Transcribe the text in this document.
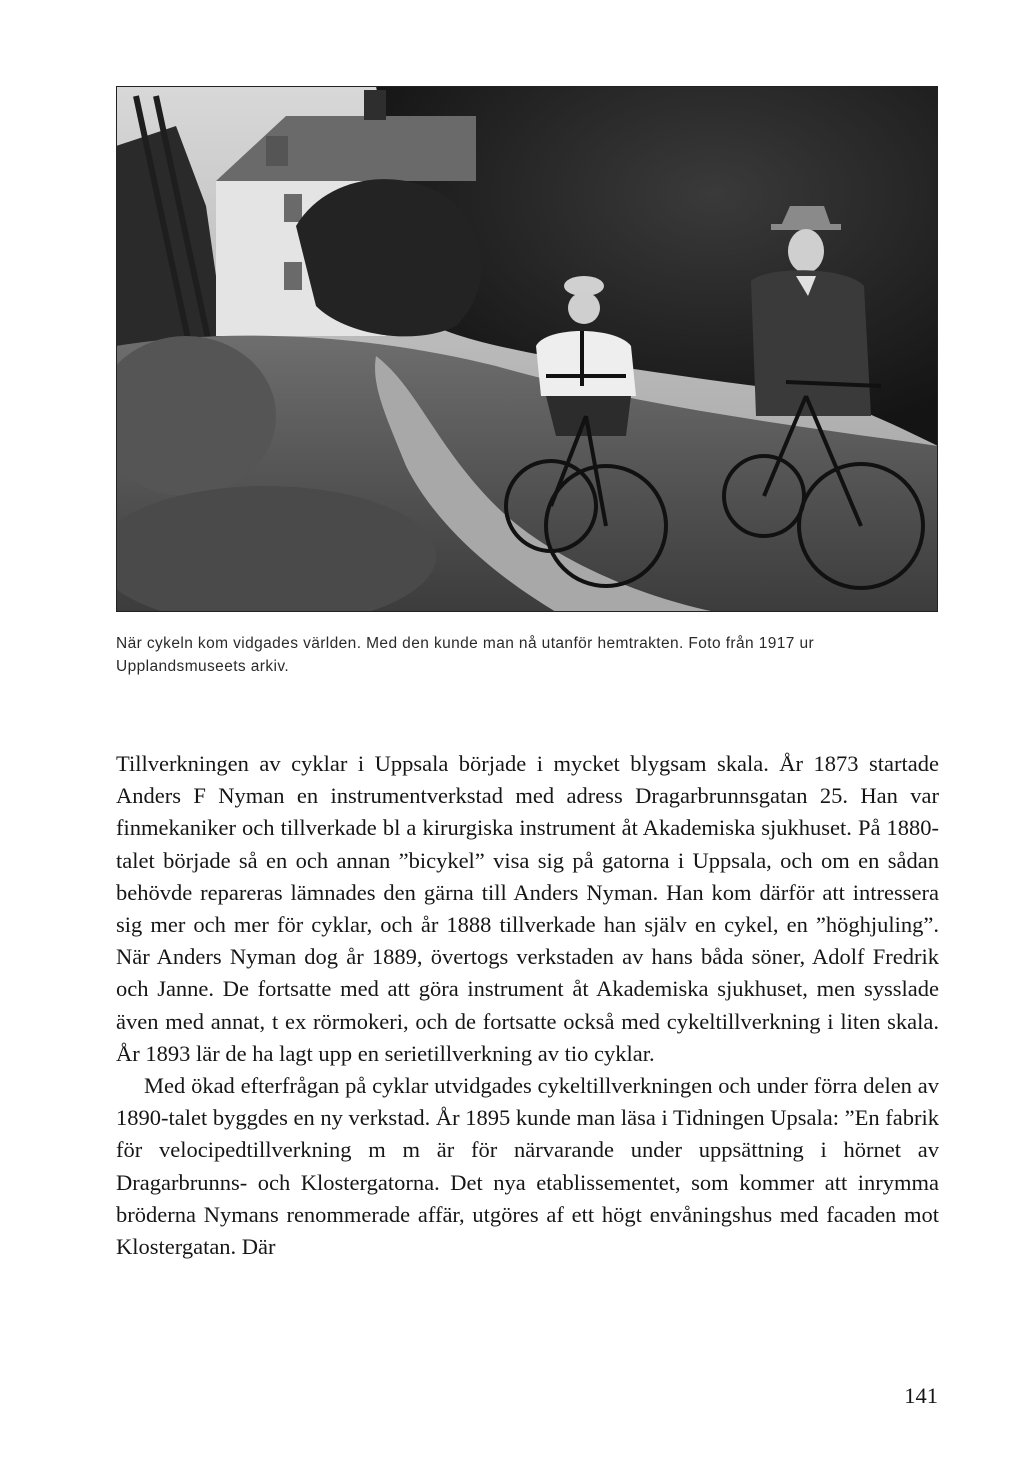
När cykeln kom vidgades världen. Med den kunde man nå utanför hemtrakten. Foto från 1917 ur Upplandsmuseets arkiv.

Tillverkningen av cyklar i Uppsala började i mycket blygsam skala. År 1873 startade Anders F Nyman en instrumentverkstad med adress Dragarbrunnsgatan 25. Han var finmekaniker och tillverkade bl a kirurgiska instrument åt Akademiska sjukhuset. På 1880-talet började så en och annan ”bicykel” visa sig på gatorna i Uppsala, och om en sådan behövde repareras lämnades den gärna till Anders Nyman. Han kom därför att intressera sig mer och mer för cyklar, och år 1888 tillverkade han själv en cykel, en ”höghjuling”. När Anders Nyman dog år 1889, övertogs verkstaden av hans båda söner, Adolf Fredrik och Janne. De fortsatte med att göra instrument åt Akademiska sjukhuset, men sysslade även med annat, t ex rörmokeri, och de fortsatte också med cykeltillverkning i liten skala. År 1893 lär de ha lagt upp en serietillverkning av tio cyklar.

Med ökad efterfrågan på cyklar utvidgades cykeltillverkningen och under förra delen av 1890-talet byggdes en ny verkstad. År 1895 kunde man läsa i Tidningen Upsala: ”En fabrik för velocipedtillverkning m m är för närvarande under uppsättning i hörnet av Dragarbrunns- och Klostergatorna. Det nya etablissementet, som kommer att inrymma bröderna Nymans renommerade affär, utgöres af ett högt envåningshus med facaden mot Klostergatan. Där

141
